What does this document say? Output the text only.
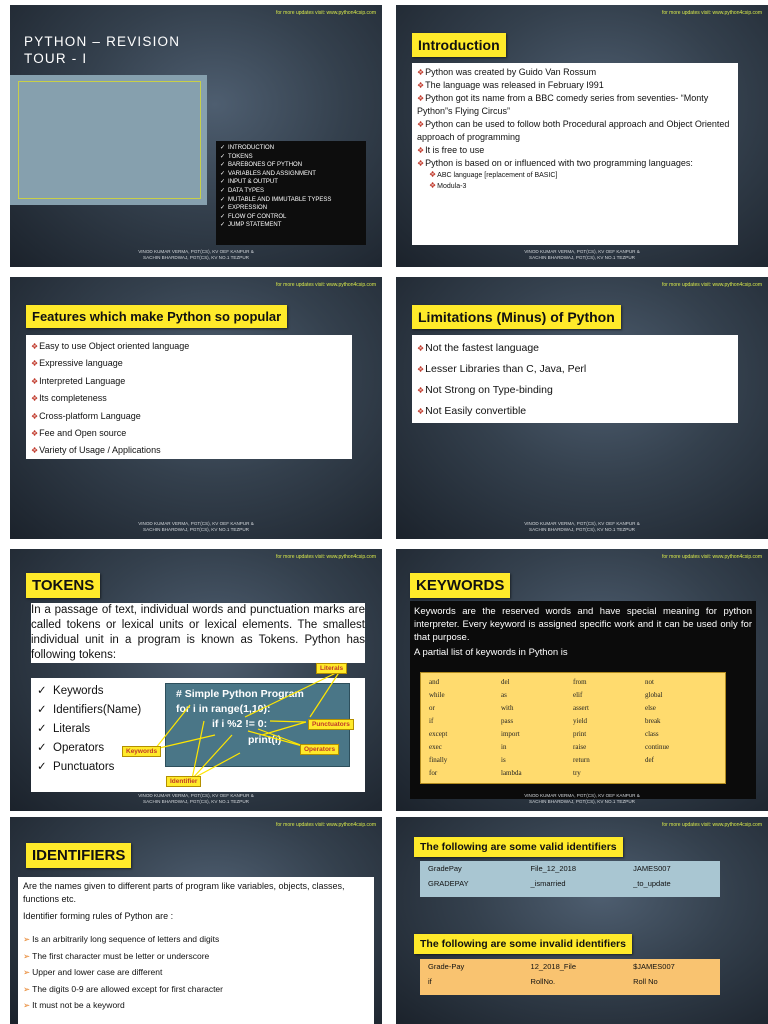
for more updates visit: www.python4csip.com
PYTHON – REVISION
TOUR - I
✓ INTRODUCTION
✓ TOKENS
✓ BAREBONES OF PYTHON
✓ VARIABLES AND ASSIGNMENT
✓ INPUT & OUTPUT
✓ DATA TYPES
✓ MUTABLE AND IMMUTABLE TYPESS
✓ EXPRESSION
✓ FLOW OF CONTROL
✓ JUMP STATEMENT
VINOD KUMAR VERMA, PGT(CS), KV OEF KANPUR &
SACHIN BHARDWAJ, PGT(CS), KV NO.1 TEZPUR
for more updates visit: www.python4csip.com
Introduction
❖Python was created by Guido Van Rossum
❖The language was released in February I991
❖Python got its name from a BBC comedy series from seventies- “Monty Python”s Flying Circus”
❖Python can be used to follow both Procedural approach and Object Oriented approach of programming
❖It is free to use
❖Python is based on or influenced with two programming languages:
❖ABC language [replacement of BASIC]
❖Modula-3
VINOD KUMAR VERMA, PGT(CS), KV OEF KANPUR &
SACHIN BHARDWAJ, PGT(CS), KV NO.1 TEZPUR
for more updates visit: www.python4csip.com
Features which make Python so popular
❖Easy to use Object oriented language
❖Expressive language
❖Interpreted Language
❖Its completeness
❖Cross-platform Language
❖Fee and Open source
❖Variety of Usage / Applications
VINOD KUMAR VERMA, PGT(CS), KV OEF KANPUR &
SACHIN BHARDWAJ, PGT(CS), KV NO.1 TEZPUR
for more updates visit: www.python4csip.com
Limitations (Minus) of Python
❖Not the fastest language
❖Lesser Libraries than C, Java, Perl
❖Not Strong on Type-binding
❖Not Easily convertible
VINOD KUMAR VERMA, PGT(CS), KV OEF KANPUR &
SACHIN BHARDWAJ, PGT(CS), KV NO.1 TEZPUR
for more updates visit: www.python4csip.com
TOKENS
In a passage of text, individual words and punctuation marks are called tokens or lexical units or lexical elements. The smallest individual unit in a program is known as Tokens. Python has following tokens:
✓  Keywords
✓  Identifiers(Name)
✓  Literals
✓  Operators
✓  Punctuators
# Simple Python Program
for i in range(1,10):
if i %2 != 0:
print(i)
Literals
Punctuators
Keywords	Operators
Identifier
VINOD KUMAR VERMA, PGT(CS), KV OEF KANPUR &
SACHIN BHARDWAJ, PGT(CS), KV NO.1 TEZPUR
for more updates visit: www.python4csip.com
KEYWORDS
Keywords are the reserved words and have special meaning for python interpreter. Every keyword is assigned specific work and it can be used only for that purpose.
A partial list of keywords in Python is
and	del	from	not
while	as	elif	global
or	with	assert	else
if	pass	yield	break
except	import	print	class
exec	in	raise	continue
finally	is	return	def
for	lambda	try
VINOD KUMAR VERMA, PGT(CS), KV OEF KANPUR &
SACHIN BHARDWAJ, PGT(CS), KV NO.1 TEZPUR
for more updates visit: www.python4csip.com
IDENTIFIERS
Are the names given to different parts of program like variables, objects, classes, functions etc.
Identifier forming rules of Python are :
➢ Is an arbitrarily long sequence of letters and digits
➢ The first character must be letter or underscore
➢ Upper and lower case are different
➢ The digits 0-9 are allowed except for first character
➢ It must not be a keyword
for more updates visit: www.python4csip.com
The following are some valid identifiers
GradePay	File_12_2018	JAMES007
GRADEPAY	_ismarried	_to_update
The following are some invalid identifiers
Grade-Pay	12_2018_File	$JAMES007
if	RollNo.	Roll No
